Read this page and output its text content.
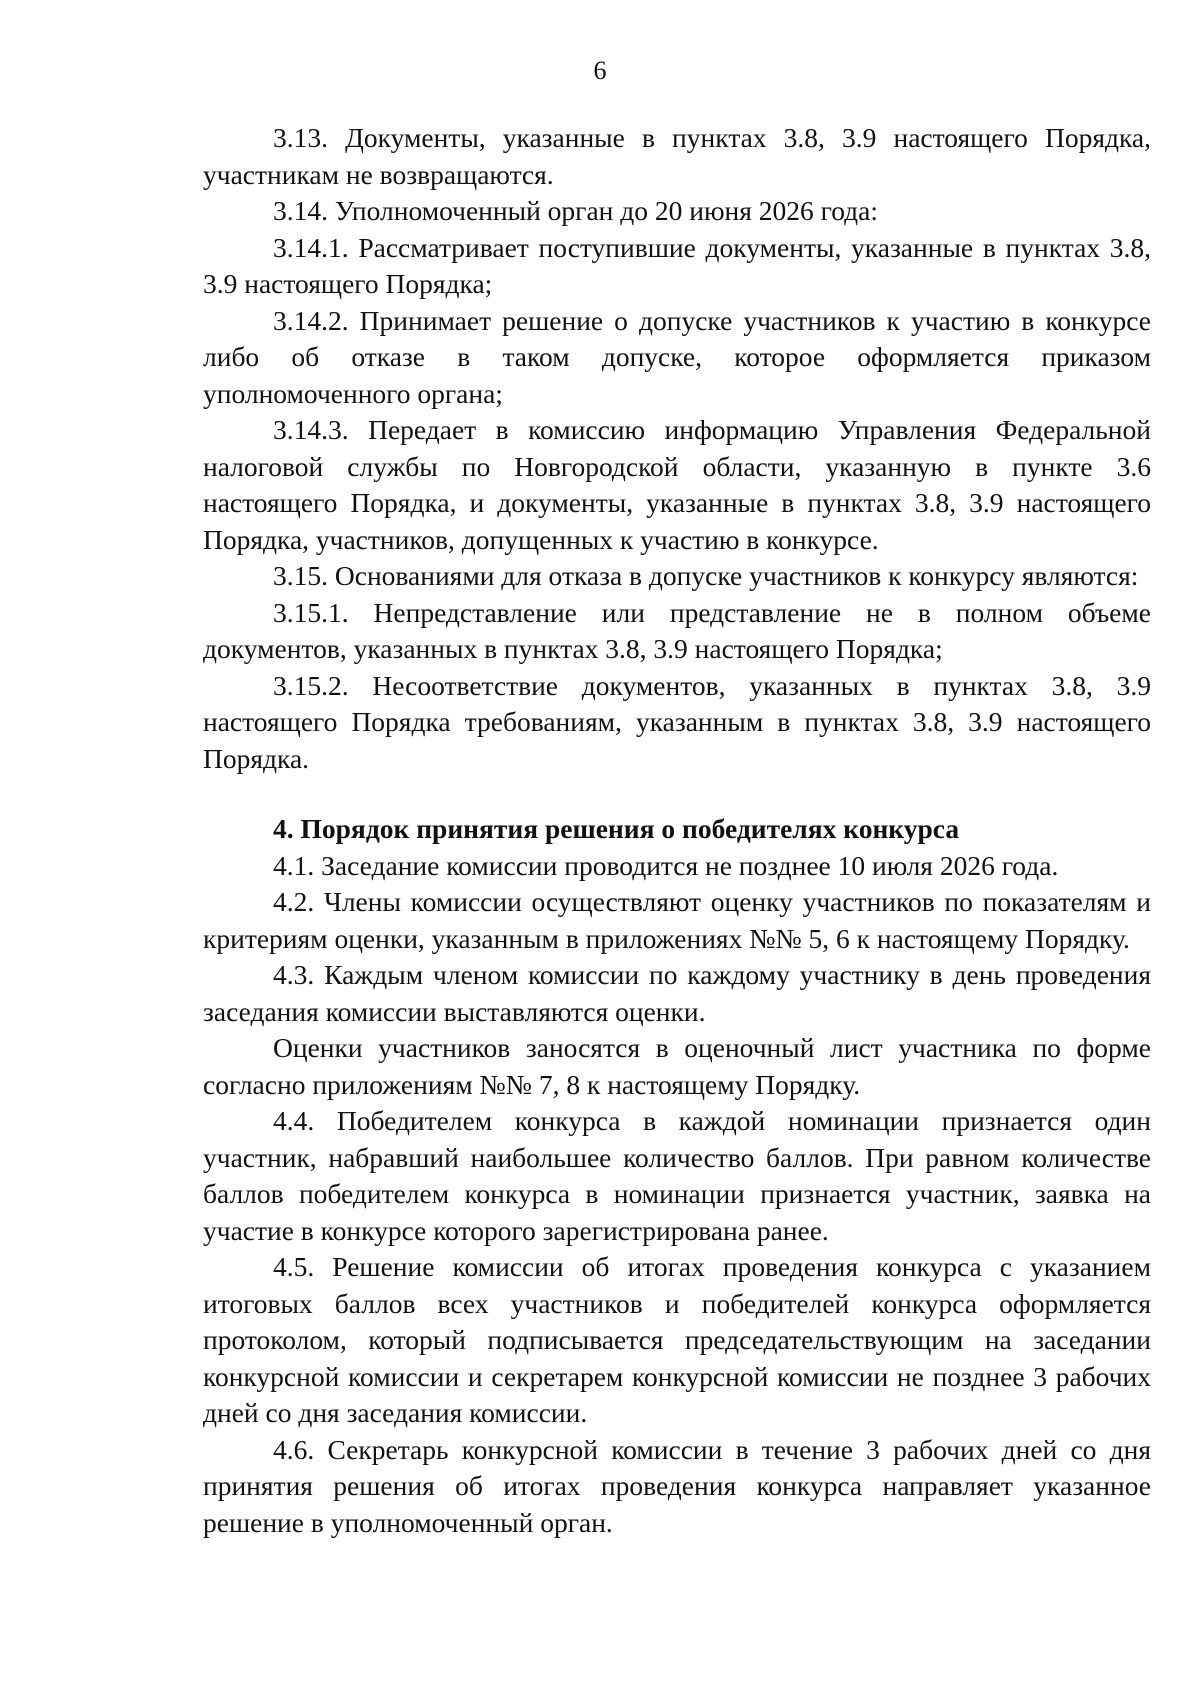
6

3.13. Документы, указанные в пунктах 3.8, 3.9 настоящего Порядка, участникам не возвращаются.

3.14. Уполномоченный орган до 20 июня 2026 года:

3.14.1. Рассматривает поступившие документы, указанные в пунктах 3.8, 3.9 настоящего Порядка;

3.14.2. Принимает решение о допуске участников к участию в конкурсе либо об отказе в таком допуске, которое оформляется приказом уполномоченного органа;

3.14.3. Передает в комиссию информацию Управления Федеральной налоговой службы по Новгородской области, указанную в пункте 3.6 настоящего Порядка, и документы, указанные в пунктах 3.8, 3.9 настоящего Порядка, участников, допущенных к участию в конкурсе.

3.15. Основаниями для отказа в допуске участников к конкурсу являются:

3.15.1. Непредставление или представление не в полном объеме документов, указанных в пунктах 3.8, 3.9 настоящего Порядка;

3.15.2. Несоответствие документов, указанных в пунктах 3.8, 3.9 настоящего Порядка требованиям, указанным в пунктах 3.8, 3.9 настоящего Порядка.

4. Порядок принятия решения о победителях конкурса

4.1. Заседание комиссии проводится не позднее 10 июля 2026 года.

4.2. Члены комиссии осуществляют оценку участников по показателям и критериям оценки, указанным в приложениях №№ 5, 6 к настоящему Порядку.

4.3. Каждым членом комиссии по каждому участнику в день проведения заседания комиссии выставляются оценки.

Оценки участников заносятся в оценочный лист участника по форме согласно приложениям №№ 7, 8 к настоящему Порядку.

4.4. Победителем конкурса в каждой номинации признается один участник, набравший наибольшее количество баллов. При равном количестве баллов победителем конкурса в номинации признается участник, заявка на участие в конкурсе которого зарегистрирована ранее.

4.5. Решение комиссии об итогах проведения конкурса с указанием итоговых баллов всех участников и победителей конкурса оформляется протоколом, который подписывается председательствующим на заседании конкурсной комиссии и секретарем конкурсной комиссии не позднее 3 рабочих дней со дня заседания комиссии.

4.6. Секретарь конкурсной комиссии в течение 3 рабочих дней со дня принятия решения об итогах проведения конкурса направляет указанное решение в уполномоченный орган.
